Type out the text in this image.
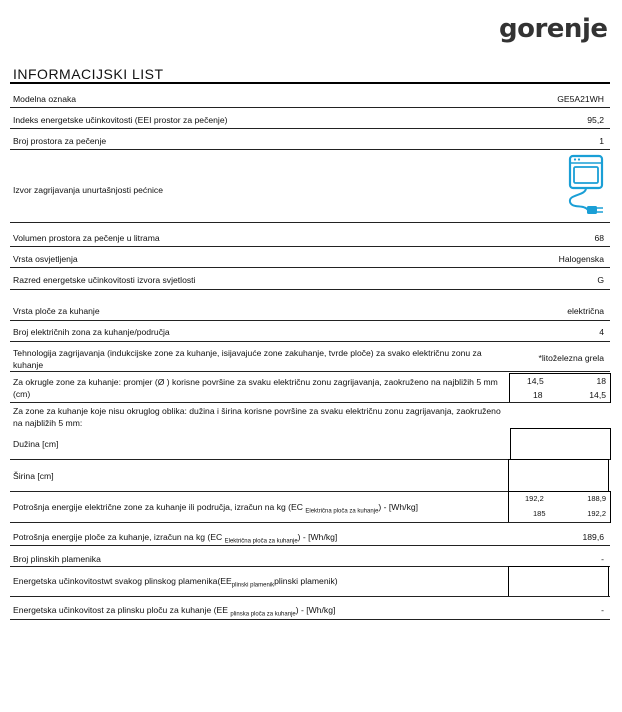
gorenje
INFORMACIJSKI LIST
Modelna oznaka	GE5A21WH
Indeks energetske učinkovitosti (EEI prostor za pečenje)	95,2
Broj prostora za pečenje	1
Izvor zagrijavanja unurtašnjosti pećnice
Volumen prostora za pečenje u litrama	68
Vrsta osvjetljenja	Halogenska
Razred energetske učinkovitosti izvora svjetlosti	G
Vrsta ploče za kuhanje	električna
Broj električnih zona za kuhanje/područja	4
Tehnologija zagrijavanja (indukcijske zone za kuhanje, isijavajuće zone zakuhanje, tvrde ploče) za svako električnu zonu za
kuhanje
*litoželezna grela
Za okrugle zone za kuhanje: promjer (Ø ) korisne površine za svaku električnu zonu zagrijavanja, zaokruženo na najbližih 5 mm
(cm)
14,5	18
18	14,5
Za zone za kuhanje koje nisu okruglog oblika: dužina i širina korisne površine za svaku električnu zonu zagrijavanja, zaokruženo
na najbližih 5 mm:
Dužina [cm]
Širina [cm]
Potrošnja energije električne zone za kuhanje ili područja, izračun na kg (EC $_{Električna ploča za kuhanje}$) - [Wh/kg]
192,2	188,9
185	192,2
Potrošnja energije ploče za kuhanje, izračun na kg (EC $_{Električna ploča za kuhanje}$) - [Wh/kg]	189,6
Broj plinskih plamenika	-
Energetska učinkovitostwt svakog plinskog $plamenika(EE_{plinski plamenik}plinski$ plamenik)
Energetska učinkovitost za plinsku ploču za kuhanje (EE $_{plinska ploča za kuhanje}$) - [Wh/kg]	-
